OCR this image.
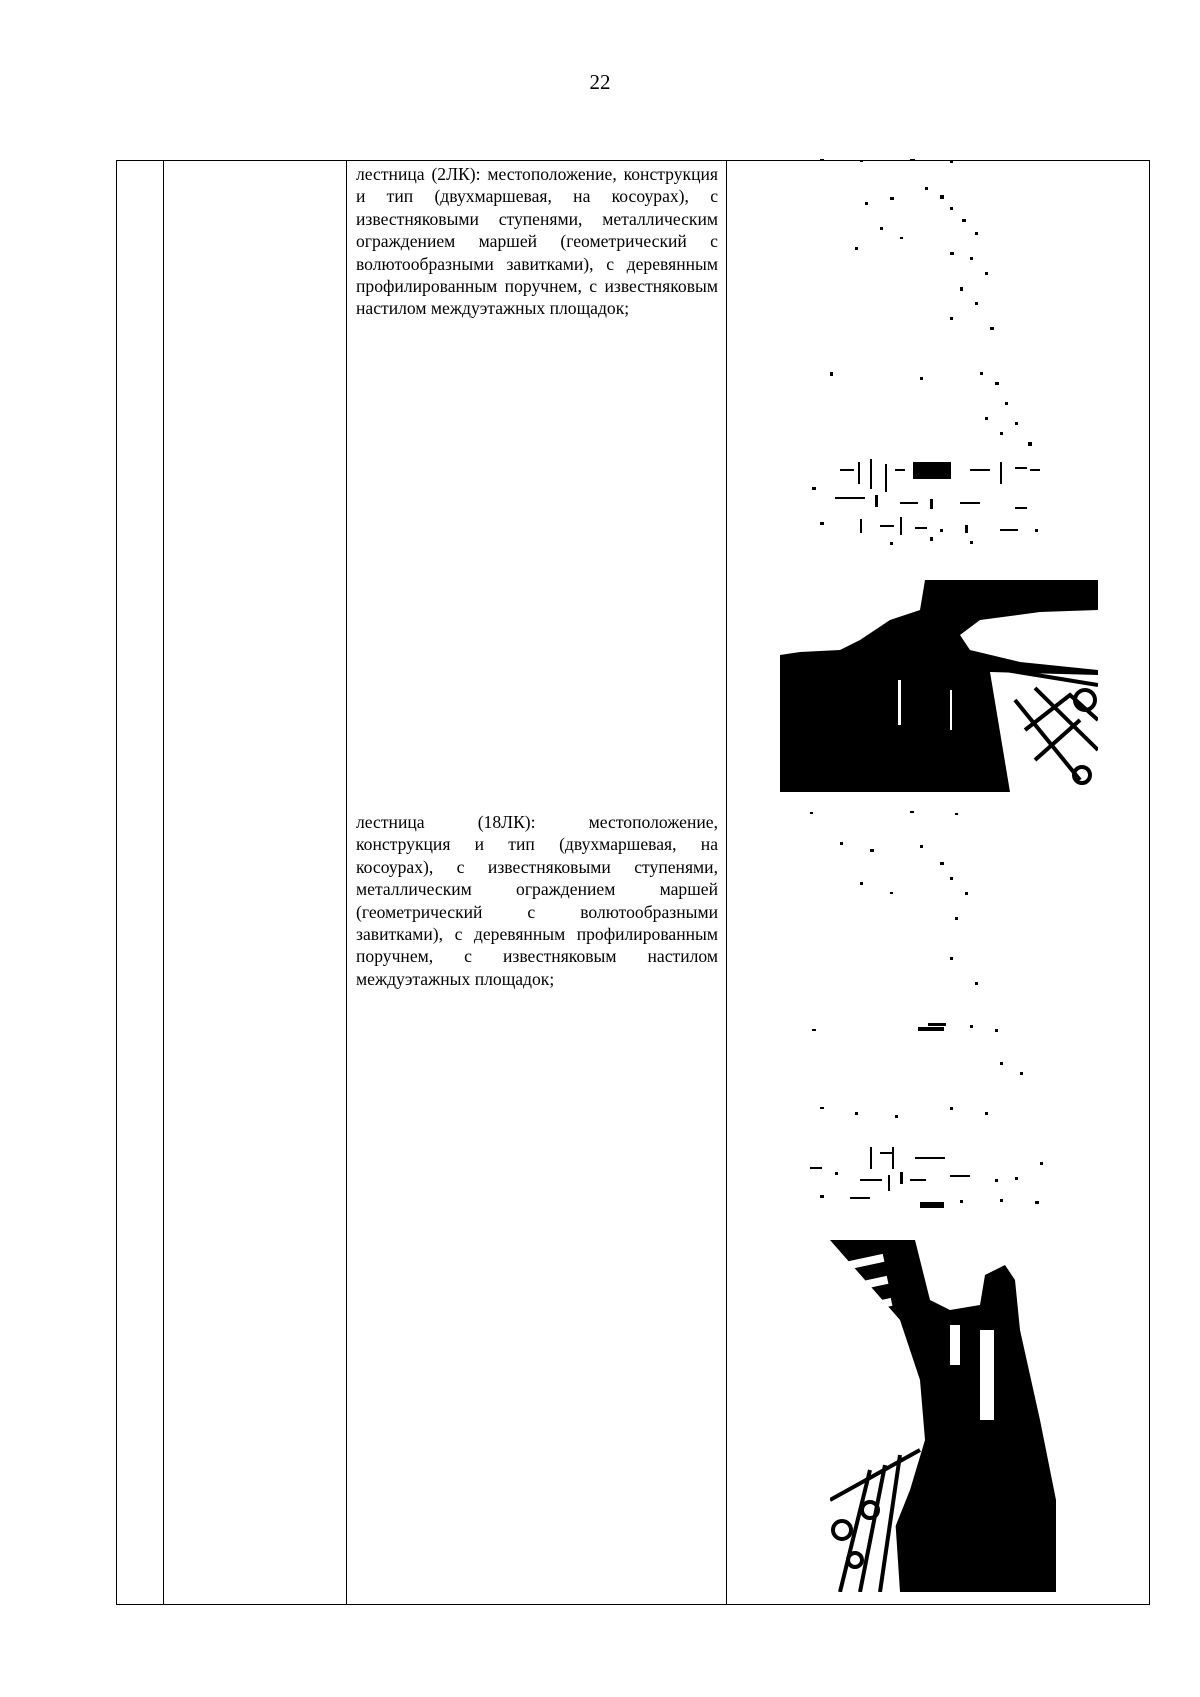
22
лестница (2ЛК): местоположение, конструкция и тип (двухмаршевая, на косоурах), с известняковыми ступенями, металлическим ограждением маршей (геометрический с волютообразными завитками), с деревянным профилированным поручнем, с известняковым настилом междуэтажных площадок;
лестница (18ЛК): местоположение, конструкция и тип (двухмаршевая, на косоурах), с известняковыми ступенями, металлическим ограждением маршей (геометрический с волютообразными завитками), с деревянным профилированным поручнем, с известняковым настилом междуэтажных площадок;
